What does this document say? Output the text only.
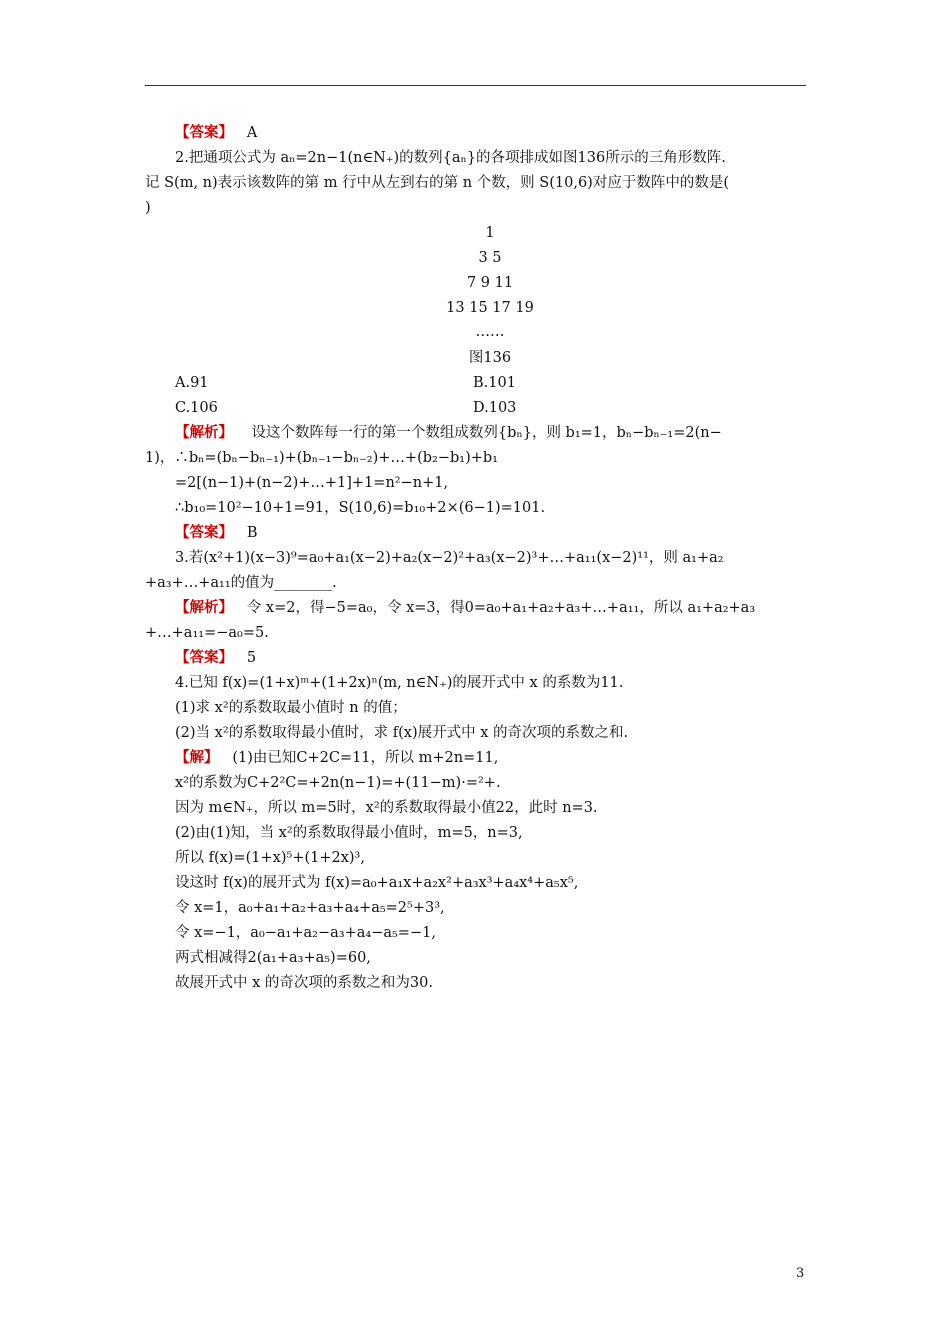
【答案】 A
2.把通项公式为 aₙ=2n−1(n∈N₊)的数列{aₙ}的各项排成如图136所示的三角形数阵.
记 S(m, n)表示该数阵的第 m 行中从左到右的第 n 个数，则 S(10,6)对应于数阵中的数是(
)
1
3 5
7 9 11
13 15 17 19
……
图136
A.91	B.101
C.106	D.103
【解析】 设这个数阵每一行的第一个数组成数列{bₙ}，则 b₁=1，bₙ−bₙ₋₁=2(n−
1)，∴bₙ=(bₙ−bₙ₋₁)+(bₙ₋₁−bₙ₋₂)+…+(b₂−b₁)+b₁
=2[(n−1)+(n−2)+…+1]+1=n²−n+1,
∴b₁₀=10²−10+1=91，S(10,6)=b₁₀+2×(6−1)=101.
【答案】 B
3.若(x²+1)(x−3)⁹=a₀+a₁(x−2)+a₂(x−2)²+a₃(x−2)³+…+a₁₁(x−2)¹¹，则 a₁+a₂
+a₃+…+a₁₁的值为________.
【解析】 令 x=2，得−5=a₀，令 x=3，得0=a₀+a₁+a₂+a₃+…+a₁₁，所以 a₁+a₂+a₃
+…+a₁₁=−a₀=5.
【答案】 5
4.已知 f(x)=(1+x)ᵐ+(1+2x)ⁿ(m, n∈N₊)的展开式中 x 的系数为11.
(1)求 x²的系数取最小值时 n 的值；
(2)当 x²的系数取得最小值时，求 f(x)展开式中 x 的奇次项的系数之和.
【解】 (1)由已知C+2C=11，所以 m+2n=11,
x²的系数为C+2²C=+2n(n−1)=+(11−m)·=²+.
因为 m∈N₊，所以 m=5时，x²的系数取得最小值22，此时 n=3.
(2)由(1)知，当 x²的系数取得最小值时，m=5，n=3,
所以 f(x)=(1+x)⁵+(1+2x)³,
设这时 f(x)的展开式为 f(x)=a₀+a₁x+a₂x²+a₃x³+a₄x⁴+a₅x⁵,
令 x=1，a₀+a₁+a₂+a₃+a₄+a₅=2⁵+3³,
令 x=−1，a₀−a₁+a₂−a₃+a₄−a₅=−1,
两式相减得2(a₁+a₃+a₅)=60,
故展开式中 x 的奇次项的系数之和为30.
3
